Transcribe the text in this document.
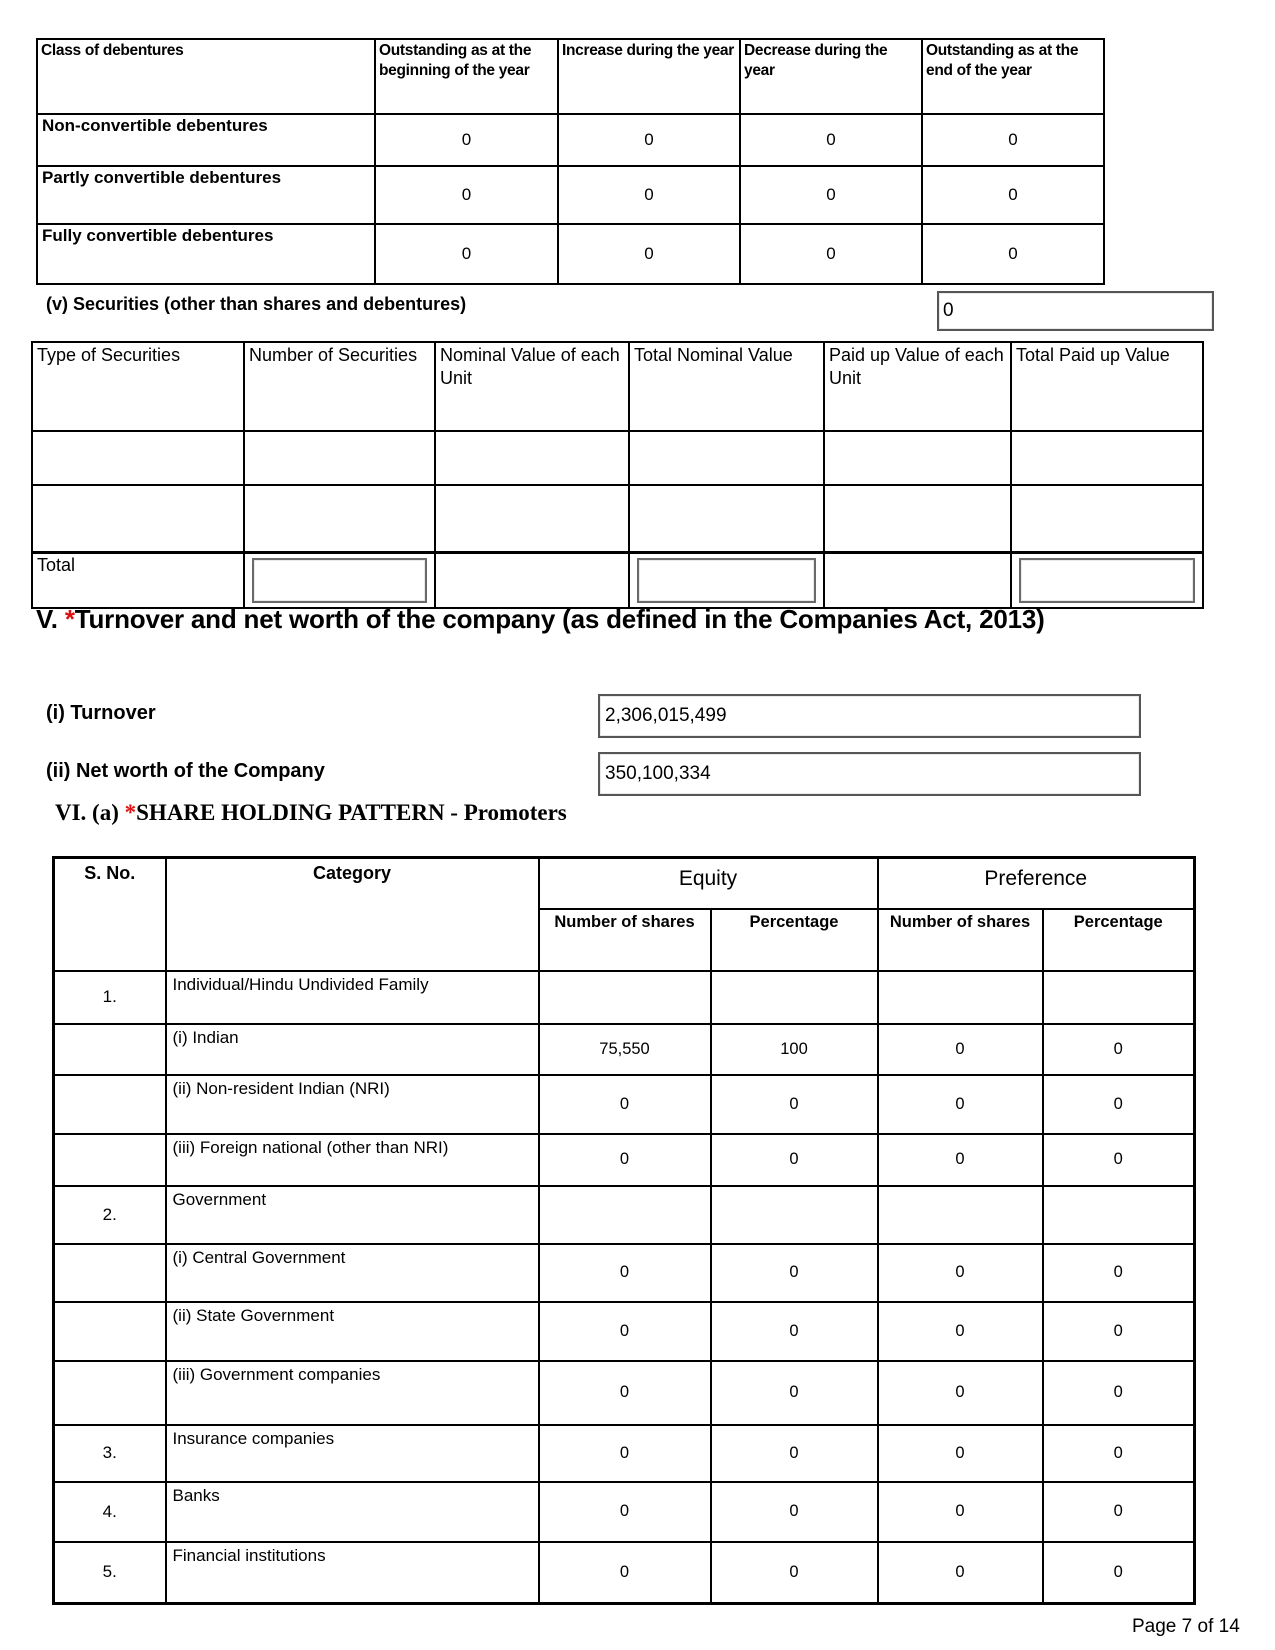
Class of debentures	Outstanding as at the beginning of the year	Increase during the year	Decrease during the year	Outstanding as at the end of the year
Non-convertible debentures	0	0	0	0
Partly convertible debentures	0	0	0	0
Fully convertible debentures	0	0	0	0
(v) Securities (other than shares and debentures)	0
Type of Securities	Number of Securities	Nominal Value of each Unit	Total Nominal Value	Paid up Value of each Unit	Total Paid up Value

Total	

V. *Turnover and net worth of the company (as defined in the Companies Act, 2013)
(i) Turnover	2,306,015,499
(ii) Net worth of the Company	350,100,334
VI. (a) *SHARE HOLDING PATTERN - Promoters
S. No.	Category	Equity		Preference	
		Number of shares	Percentage	Number of shares	Percentage
1.	Individual/Hindu Undivided Family				
	(i) Indian	75,550	100	0	0
	(ii) Non-resident Indian (NRI)	0	0	0	0
	(iii) Foreign national (other than NRI)	0	0	0	0
2.	Government				
	(i) Central Government	0	0	0	0
	(ii) State Government	0	0	0	0
	(iii) Government companies	0	0	0	0
3.	Insurance companies	0	0	0	0
4.	Banks	0	0	0	0
5.	Financial institutions	0	0	0	0
Page 7 of 14
